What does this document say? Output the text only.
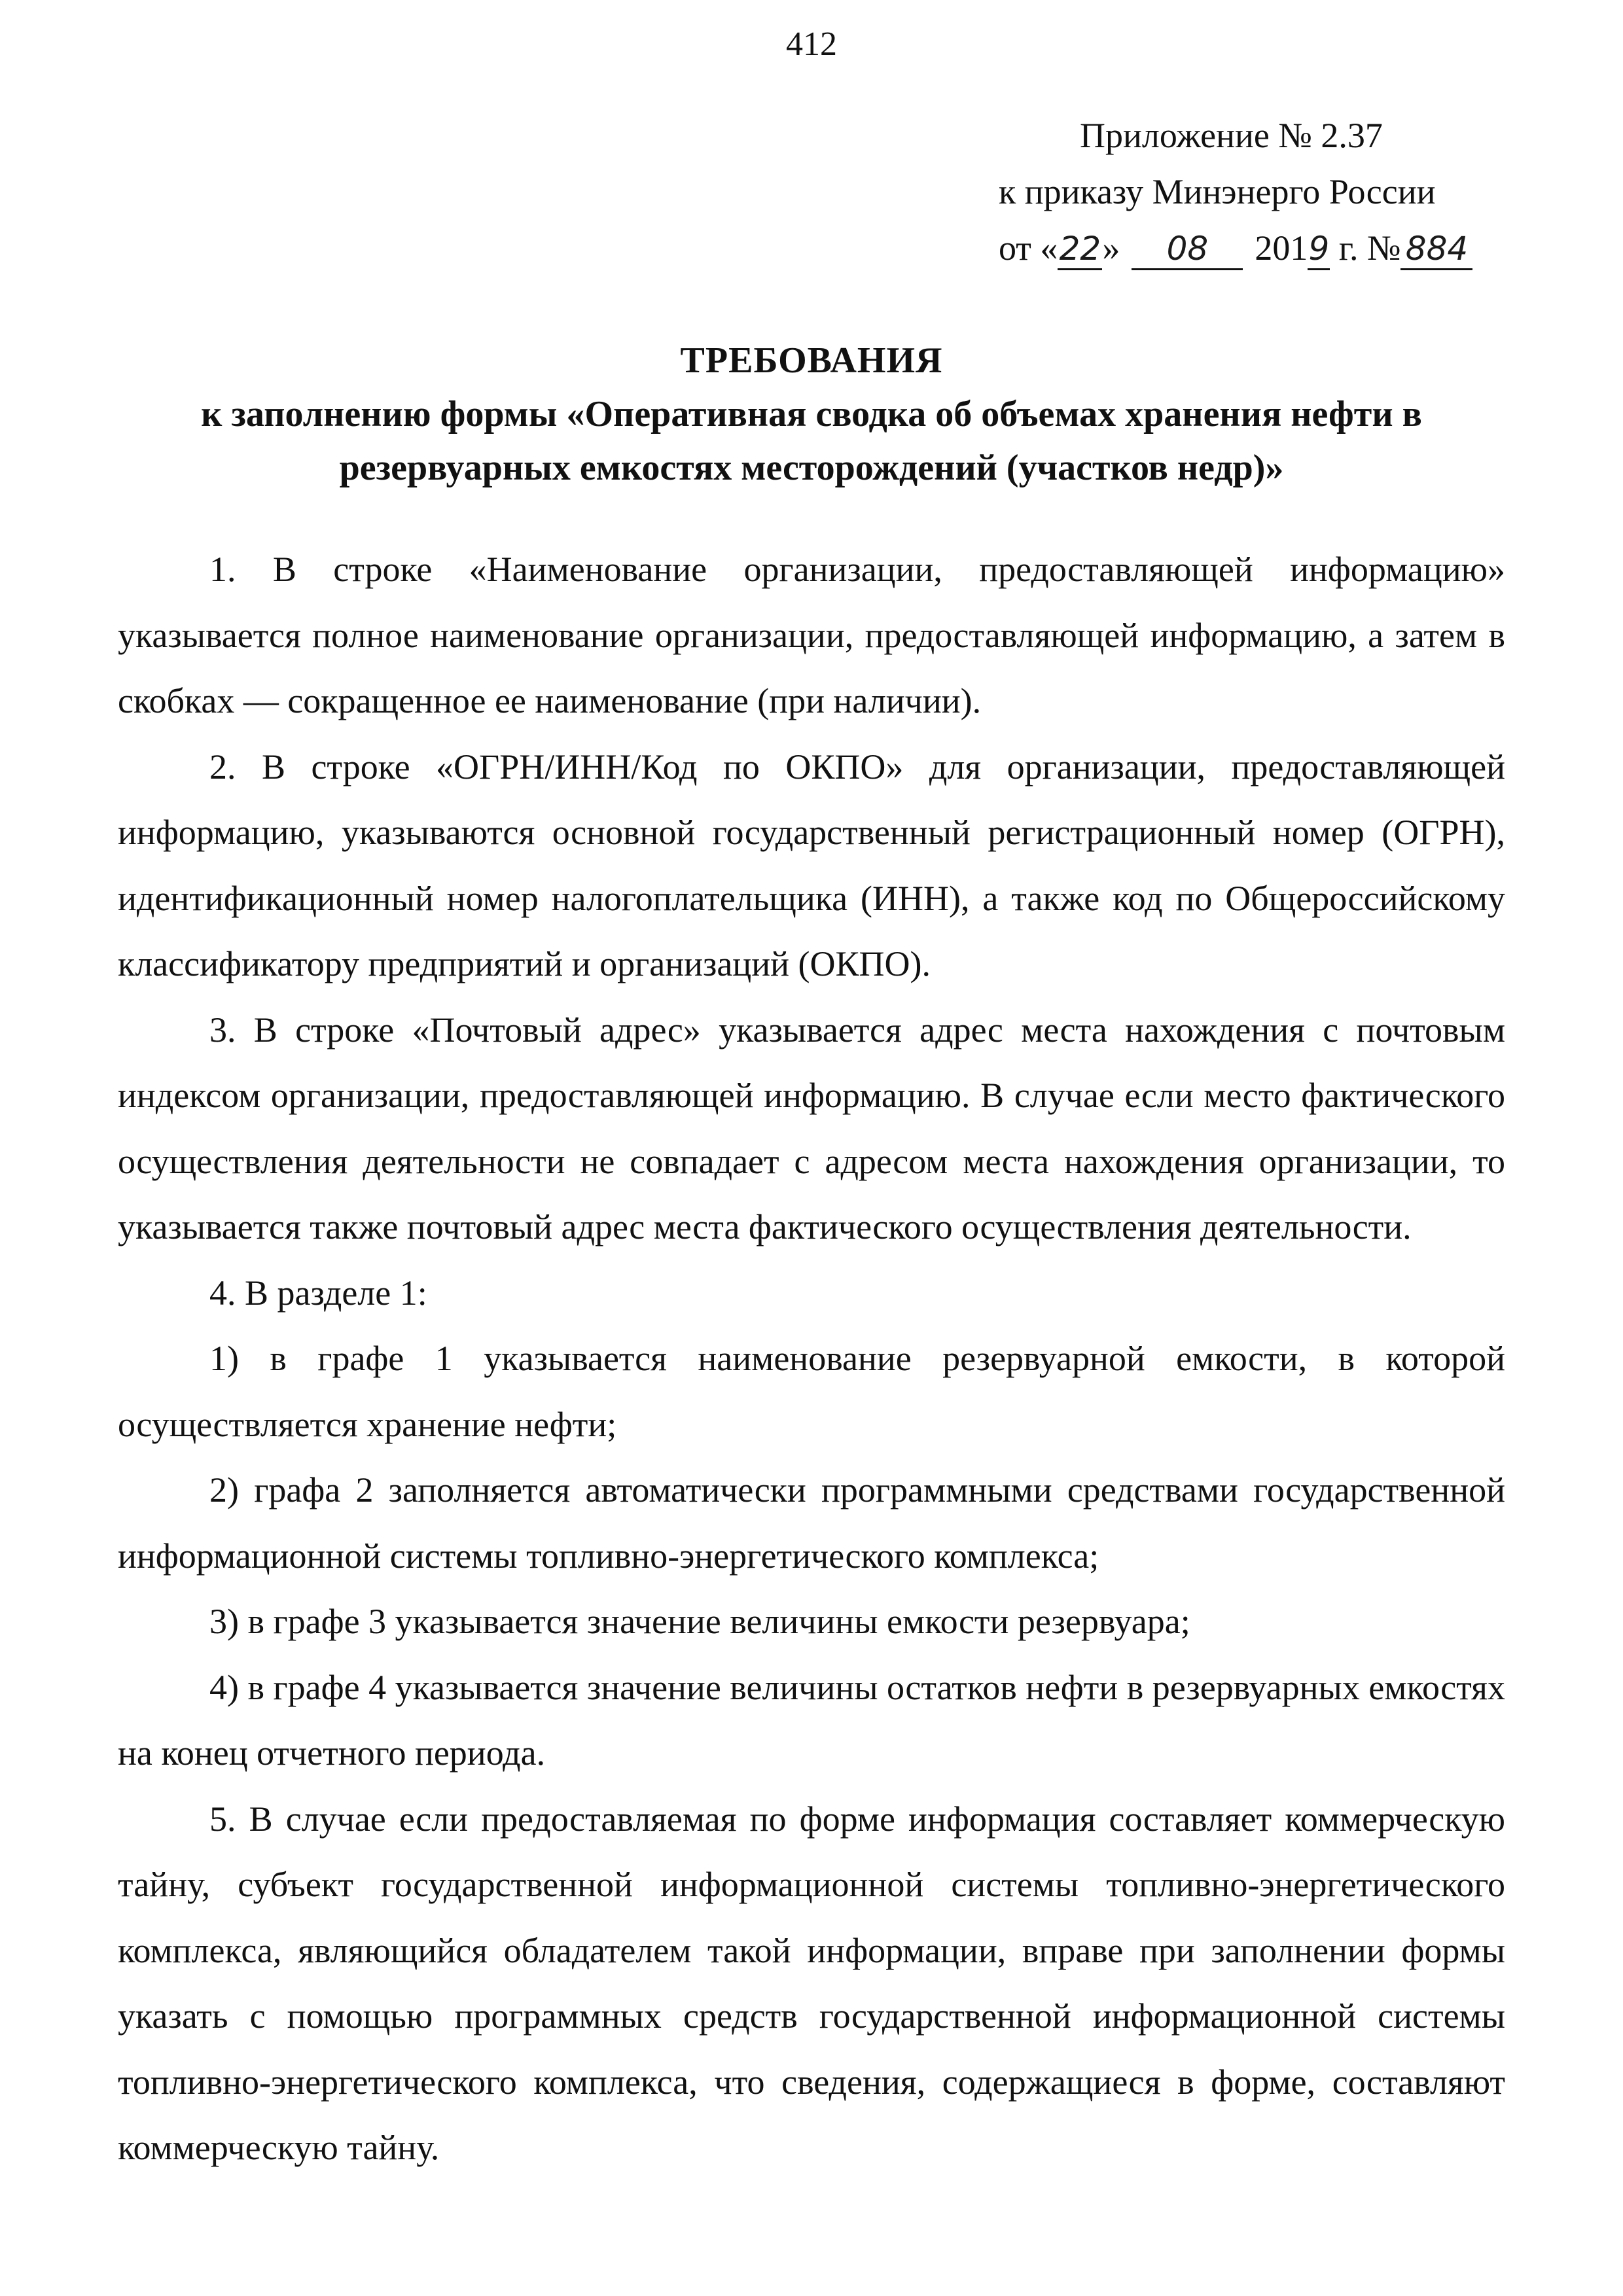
412
Приложение № 2.37
к приказу Минэнерго России
от «22» 08 2019 г. № 884
ТРЕБОВАНИЯ
к заполнению формы «Оперативная сводка об объемах хранения нефти в
резервуарных емкостях месторождений (участков недр)»

1. В строке «Наименование организации, предоставляющей информацию» указывается полное наименование организации, предоставляющей информацию, а затем в скобках — сокращенное ее наименование (при наличии).

2. В строке «ОГРН/ИНН/Код по ОКПО» для организации, предоставляющей информацию, указываются основной государственный регистрационный номер (ОГРН), идентификационный номер налогоплательщика (ИНН), а также код по Общероссийскому классификатору предприятий и организаций (ОКПО).

3. В строке «Почтовый адрес» указывается адрес места нахождения с почтовым индексом организации, предоставляющей информацию. В случае если место фактического осуществления деятельности не совпадает с адресом места нахождения организации, то указывается также почтовый адрес места фактического осуществления деятельности.

4. В разделе 1:

1) в графе 1 указывается наименование резервуарной емкости, в которой осуществляется хранение нефти;

2) графа 2 заполняется автоматически программными средствами государственной информационной системы топливно-энергетического комплекса;

3) в графе 3 указывается значение величины емкости резервуара;

4) в графе 4 указывается значение величины остатков нефти в резервуарных емкостях на конец отчетного периода.

5. В случае если предоставляемая по форме информация составляет коммерческую тайну, субъект государственной информационной системы топливно-энергетического комплекса, являющийся обладателем такой информации, вправе при заполнении формы указать с помощью программных средств государственной информационной системы топливно-энергетического комплекса, что сведения, содержащиеся в форме, составляют коммерческую тайну.
